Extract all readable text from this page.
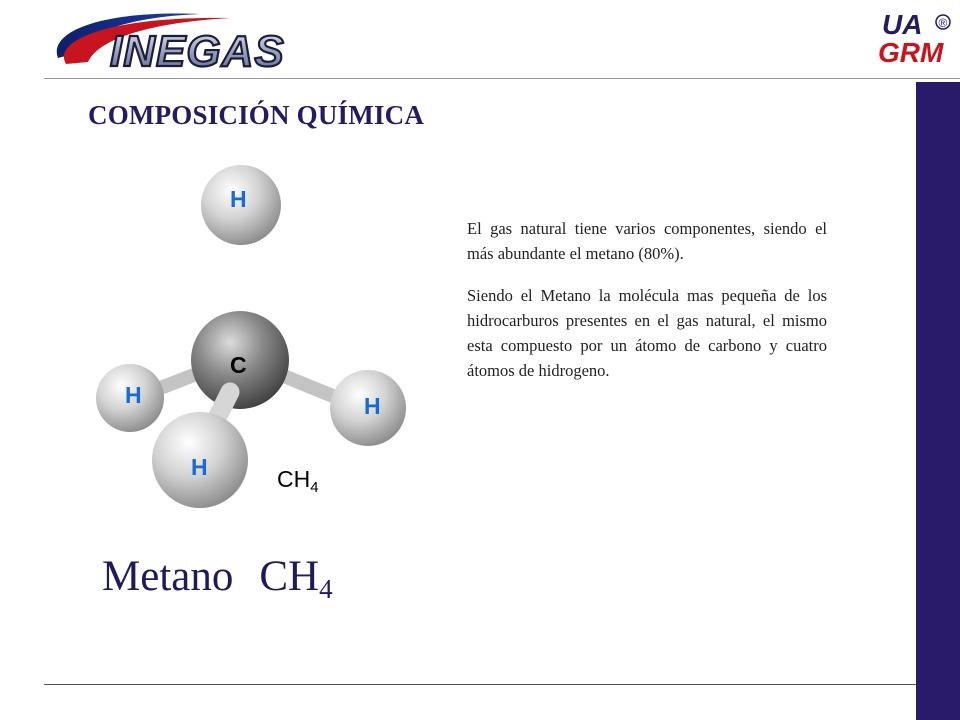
INEGAS
UA ®
GRM
COMPOSICIÓN QUÍMICA
H
C
H	H
H	$CH_4$

El gas natural tiene varios componentes, siendo el más abundante el metano (80%).

Siendo el Metano la molécula mas pequeña de los hidrocarburos presentes en el gas natural, el mismo esta compuesto por un átomo de carbono y cuatro átomos de hidrogeno.

Metano $CH_4$
